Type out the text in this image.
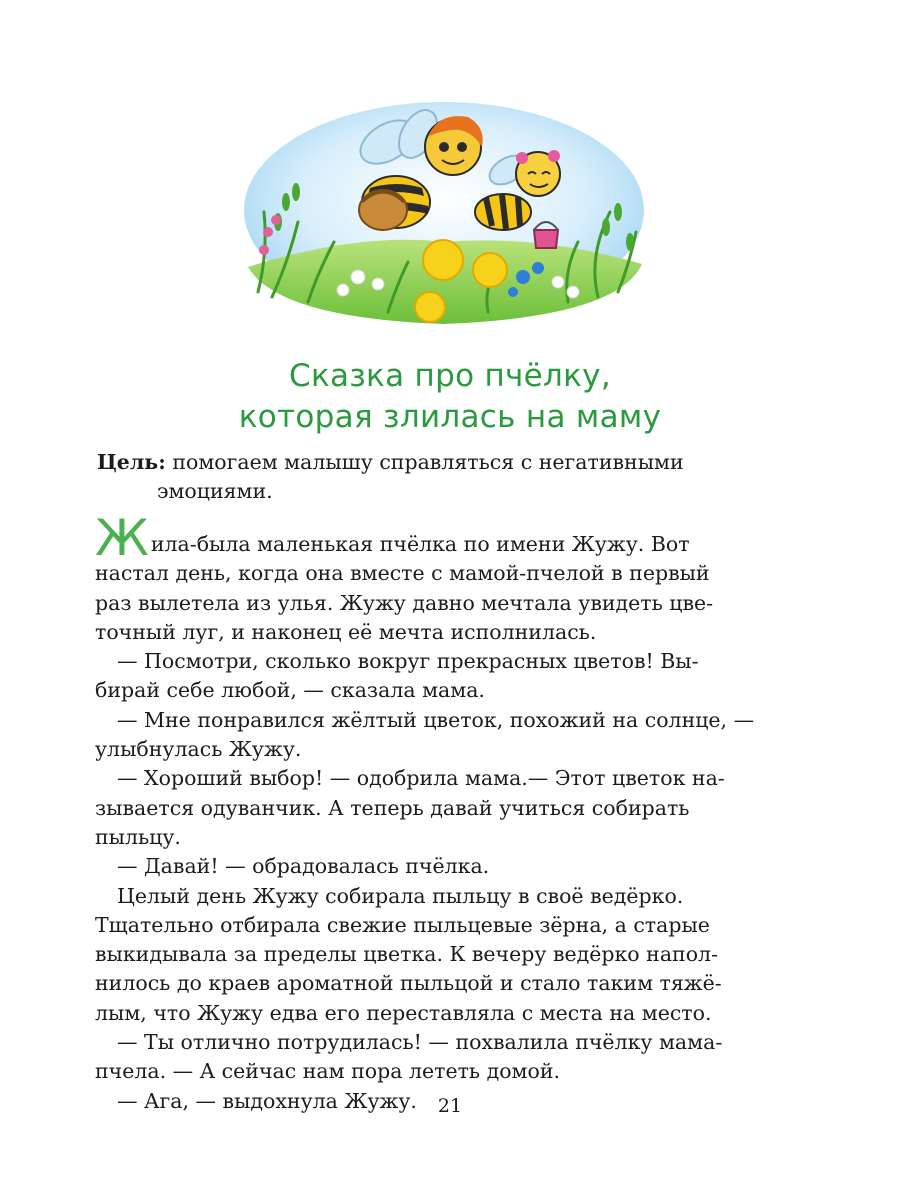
Сказка про пчёлку,
которая злилась на маму
Цель: помогаем малышу справляться с негативными
эмоциями.
Жила-была маленькая пчёлка по имени Жужу. Вот
настал день, когда она вместе с мамой-пчелой в первый
раз вылетела из улья. Жужу давно мечтала увидеть цве-
точный луг, и наконец её мечта исполнилась.
— Посмотри, сколько вокруг прекрасных цветов! Вы-
бирай себе любой, — сказала мама.
— Мне понравился жёлтый цветок, похожий на солнце, —
улыбнулась Жужу.
— Хороший выбор! — одобрила мама.— Этот цветок на-
зывается одуванчик. А теперь давай учиться собирать
пыльцу.
— Давай! — обрадовалась пчёлка.
Целый день Жужу собирала пыльцу в своё ведёрко.
Тщательно отбирала свежие пыльцевые зёрна, а старые
выкидывала за пределы цветка. К вечеру ведёрко напол-
нилось до краев ароматной пыльцой и стало таким тяжё-
лым, что Жужу едва его переставляла с места на место.
— Ты отлично потрудилась! — похвалила пчёлку мама-
пчела. — А сейчас нам пора лететь домой.
— Ага, — выдохнула Жужу.	21
